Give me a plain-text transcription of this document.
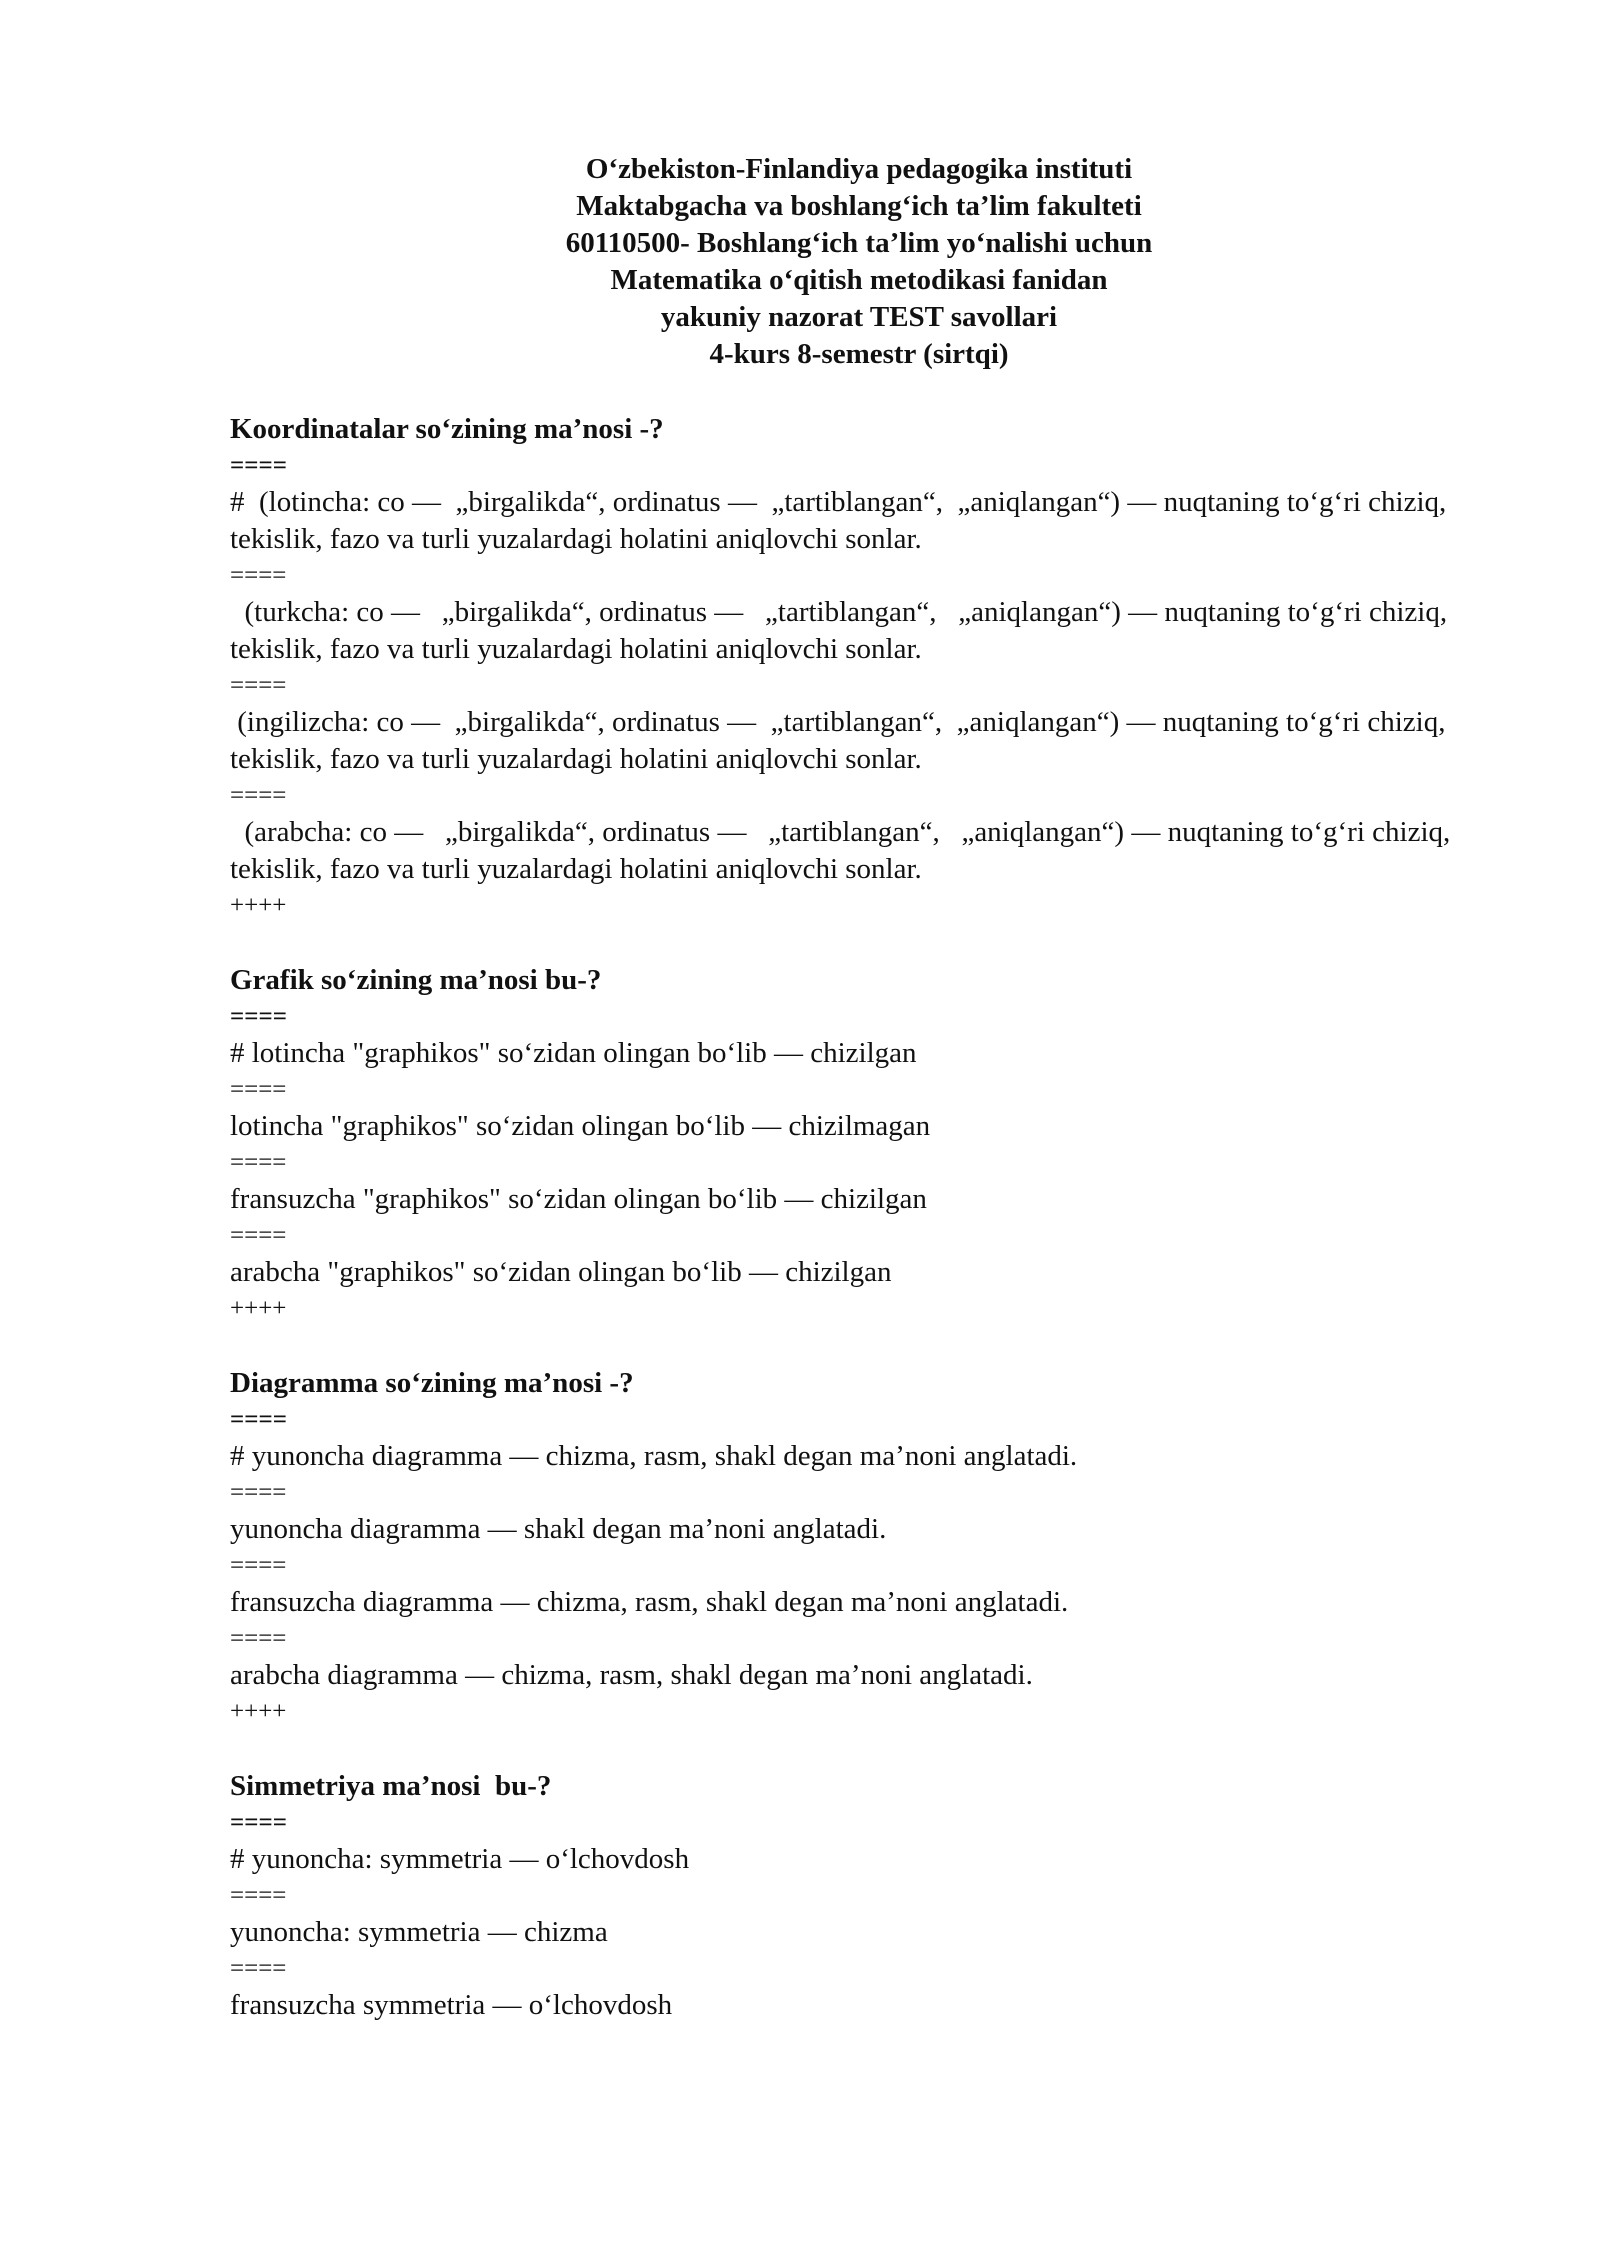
O‘zbekiston-Finlandiya pedagogika instituti
Maktabgacha va boshlang‘ich ta’lim fakulteti
60110500- Boshlang‘ich ta’lim yo‘nalishi uchun
Matematika o‘qitish metodikasi fanidan
yakuniy nazorat TEST savollari
4-kurs 8-semestr (sirtqi)
Koordinatalar so‘zining ma’nosi -?
====
#  (lotincha: co —  „birgalikda“, ordinatus —  „tartiblangan“,  „aniqlangan“) — nuqtaning to‘g‘ri chiziq, tekislik, fazo va turli yuzalardagi holatini aniqlovchi sonlar.
====
(turkcha: co —   „birgalikda“, ordinatus —   „tartiblangan“,   „aniqlangan“) — nuqtaning to‘g‘ri chiziq, tekislik, fazo va turli yuzalardagi holatini aniqlovchi sonlar.
====
(ingilizcha: co —  „birgalikda“, ordinatus —  „tartiblangan“,  „aniqlangan“) — nuqtaning to‘g‘ri chiziq, tekislik, fazo va turli yuzalardagi holatini aniqlovchi sonlar.
====
(arabcha: co —   „birgalikda“, ordinatus —   „tartiblangan“,   „aniqlangan“) — nuqtaning to‘g‘ri chiziq, tekislik, fazo va turli yuzalardagi holatini aniqlovchi sonlar.
++++
Grafik so‘zining ma’nosi bu-?
====
# lotincha "graphikos" so‘zidan olingan bo‘lib — chizilgan
====
lotincha "graphikos" so‘zidan olingan bo‘lib — chizilmagan
====
fransuzcha "graphikos" so‘zidan olingan bo‘lib — chizilgan
====
arabcha "graphikos" so‘zidan olingan bo‘lib — chizilgan
++++
Diagramma so‘zining ma’nosi -?
====
# yunoncha diagramma — chizma, rasm, shakl degan ma’noni anglatadi.
====
yunoncha diagramma — shakl degan ma’noni anglatadi.
====
fransuzcha diagramma — chizma, rasm, shakl degan ma’noni anglatadi.
====
arabcha diagramma — chizma, rasm, shakl degan ma’noni anglatadi.
++++
Simmetriya ma’nosi  bu-?
====
# yunoncha: symmetria — o‘lchovdosh
====
yunoncha: symmetria — chizma
====
fransuzcha symmetria — o‘lchovdosh
